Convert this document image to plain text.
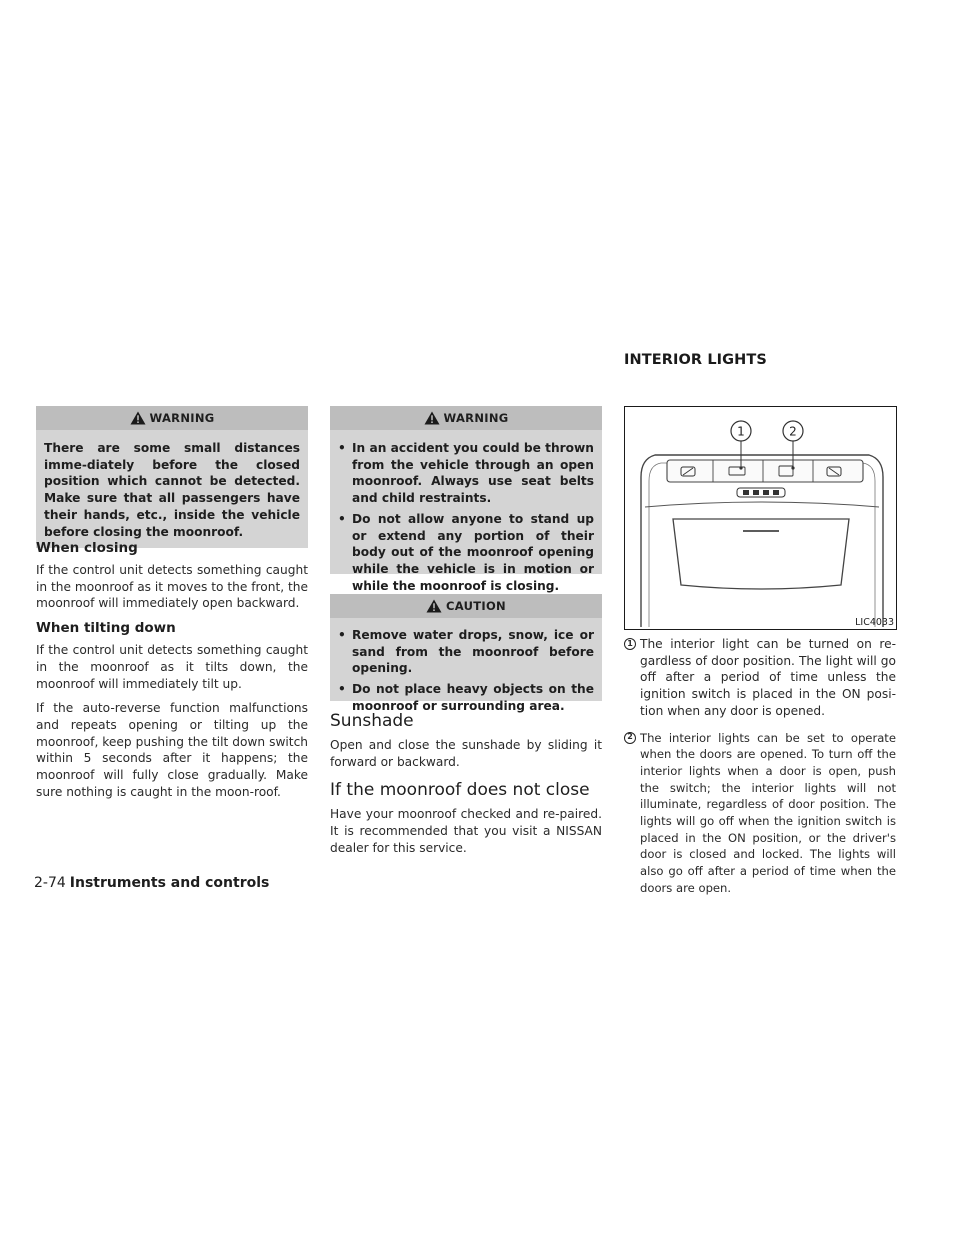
INTERIOR LIGHTS
WARNING

There are some small distances imme-diately before the closed position which cannot be detected. Make sure that all passengers have their hands, etc., inside the vehicle before closing the moonroof.

When closing

If the control unit detects something caught in the moonroof as it moves to the front, the moonroof will immediately open backward.

When tilting down

If the control unit detects something caught in the moonroof as it tilts down, the moonroof will immediately tilt up.

If the auto-reverse function malfunctions and repeats opening or tilting up the moonroof, keep pushing the tilt down switch within 5 seconds after it happens; the moonroof will fully close gradually. Make sure nothing is caught in the moon-roof.

WARNING
• In an accident you could be thrown from the vehicle through an open moonroof. Always use seat belts and child restraints.
• Do not allow anyone to stand up or extend any portion of their body out of the moonroof opening while the vehicle is in motion or while the moonroof is closing.
CAUTION
• Remove water drops, snow, ice or sand from the moonroof before opening.
• Do not place heavy objects on the moonroof or surrounding area.
Sunshade

Open and close the sunshade by sliding it forward or backward.

If the moonroof does not close

Have your moonroof checked and re-paired. It is recommended that you visit a NISSAN dealer for this service.

1	2
LIC4033
1 The interior light can be turned on re-gardless of door position. The light will go off after a period of time unless the ignition switch is placed in the ON posi-tion when any door is opened.

2 The interior lights can be set to operate when the doors are opened. To turn off the interior lights when a door is open, push the switch; the interior lights will not illuminate, regardless of door position. The lights will go off when the ignition switch is placed in the ON position, or the driver's door is closed and locked. The lights will also go off after a period of time when the doors are open.

2-74 Instruments and controls
